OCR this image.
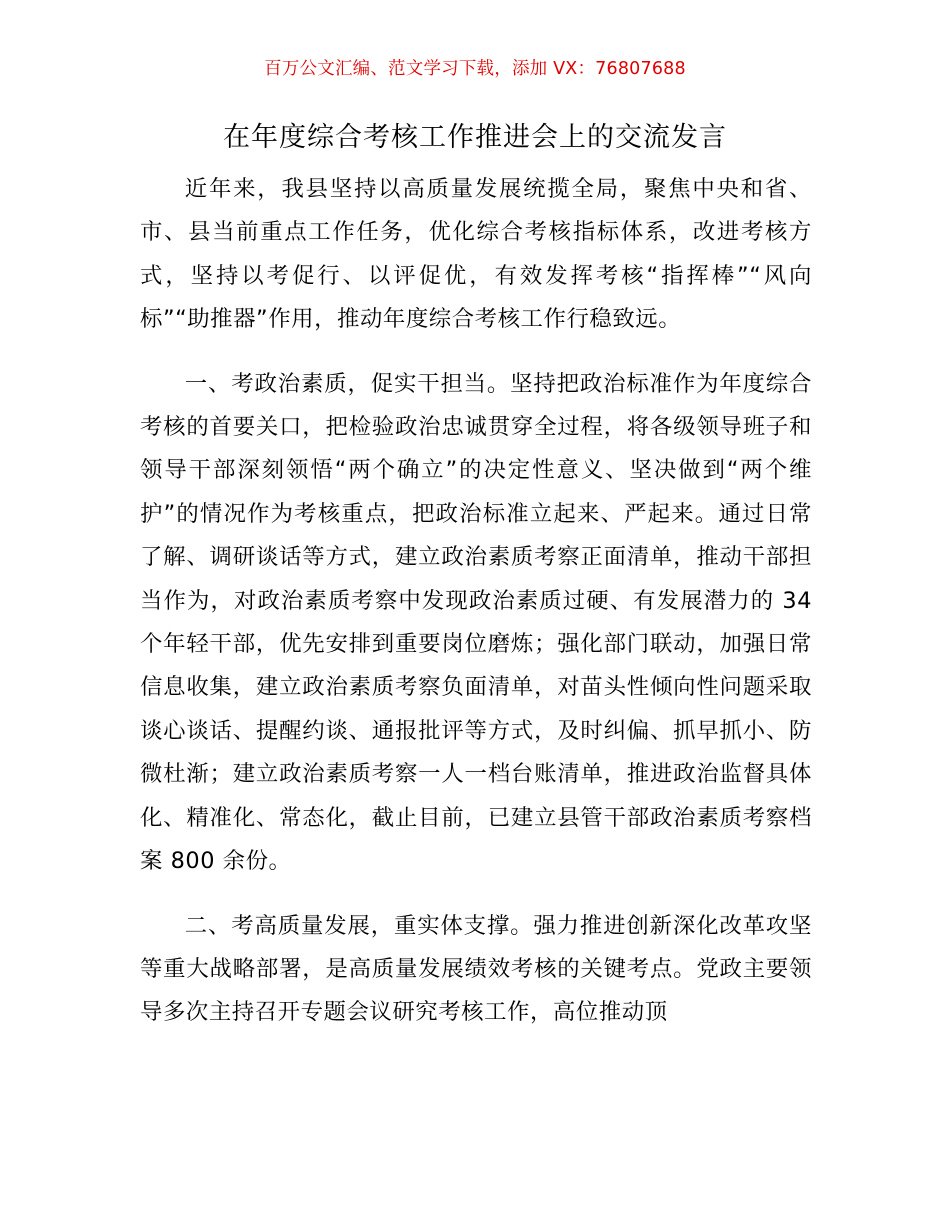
百万公文汇编、范文学习下载，添加 VX：76807688
在年度综合考核工作推进会上的交流发言

近年来，我县坚持以高质量发展统揽全局，聚焦中央和省、市、县当前重点工作任务，优化综合考核指标体系，改进考核方式，坚持以考促行、以评促优，有效发挥考核“指挥棒”“风向标”“助推器”作用，推动年度综合考核工作行稳致远。

一、考政治素质，促实干担当。坚持把政治标准作为年度综合考核的首要关口，把检验政治忠诚贯穿全过程，将各级领导班子和领导干部深刻领悟“两个确立”的决定性意义、坚决做到“两个维护”的情况作为考核重点，把政治标准立起来、严起来。通过日常了解、调研谈话等方式，建立政治素质考察正面清单，推动干部担当作为，对政治素质考察中发现政治素质过硬、有发展潜力的 34 个年轻干部，优先安排到重要岗位磨炼；强化部门联动，加强日常信息收集，建立政治素质考察负面清单，对苗头性倾向性问题采取谈心谈话、提醒约谈、通报批评等方式，及时纠偏、抓早抓小、防微杜渐；建立政治素质考察一人一档台账清单，推进政治监督具体化、精准化、常态化，截止目前，已建立县管干部政治素质考察档案 800 余份。

二、考高质量发展，重实体支撑。强力推进创新深化改革攻坚等重大战略部署，是高质量发展绩效考核的关键考点。党政主要领导多次主持召开专题会议研究考核工作，高位推动顶
